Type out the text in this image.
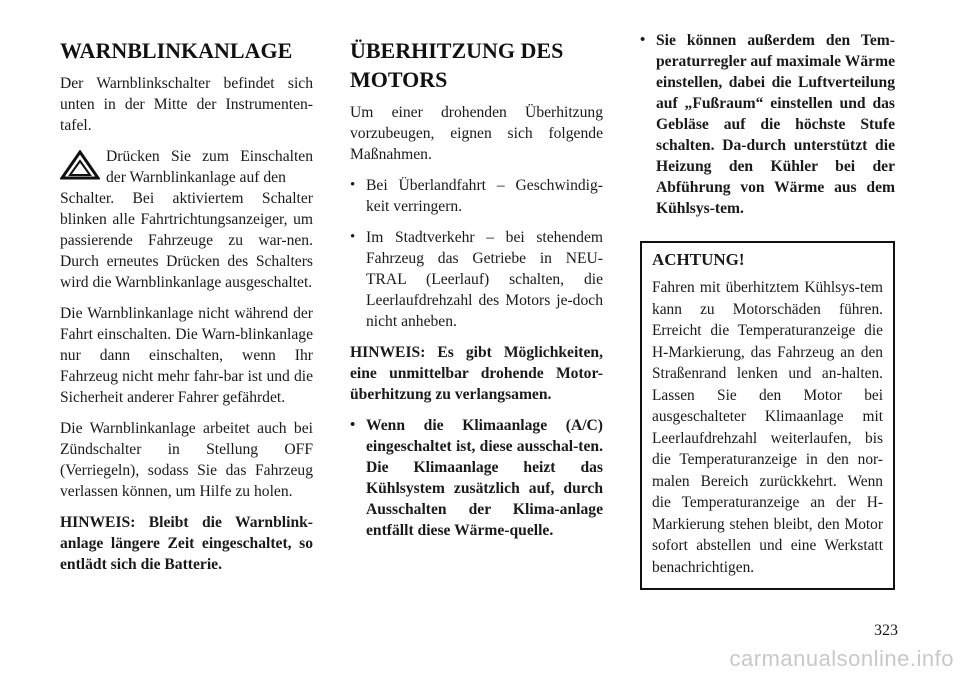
WARNBLINKANLAGE

Der Warnblinkschalter befindet sich unten in der Mitte der Instrumenten-tafel.

Drücken Sie zum Einschalten der Warnblinkanlage auf den

Schalter. Bei aktiviertem Schalter blinken alle Fahrtrichtungsanzeiger, um passierende Fahrzeuge zu war-nen. Durch erneutes Drücken des Schalters wird die Warnblinkanlage ausgeschaltet.

Die Warnblinkanlage nicht während der Fahrt einschalten. Die Warn-blinkanlage nur dann einschalten, wenn Ihr Fahrzeug nicht mehr fahr-bar ist und die Sicherheit anderer Fahrer gefährdet.

Die Warnblinkanlage arbeitet auch bei Zündschalter in Stellung OFF (Verriegeln), sodass Sie das Fahrzeug verlassen können, um Hilfe zu holen.

HINWEIS: Bleibt die Warnblink-anlage längere Zeit eingeschaltet, so entlädt sich die Batterie.

ÜBERHITZUNG DES MOTORS

Um einer drohenden Überhitzung vorzubeugen, eignen sich folgende Maßnahmen.

• Bei Überlandfahrt – Geschwindig-keit verringern.
• Im Stadtverkehr – bei stehendem Fahrzeug das Getriebe in NEU-TRAL (Leerlauf) schalten, die Leerlaufdrehzahl des Motors je-doch nicht anheben.

HINWEIS: Es gibt Möglichkeiten, eine unmittelbar drohende Motor-überhitzung zu verlangsamen.

• Wenn die Klimaanlage (A/C) eingeschaltet ist, diese ausschal-ten. Die Klimaanlage heizt das Kühlsystem zusätzlich auf, durch Ausschalten der Klima-anlage entfällt diese Wärme-quelle.
• Sie können außerdem den Tem-peraturregler auf maximale Wärme einstellen, dabei die Luftverteilung auf „Fußraum“ einstellen und das Gebläse auf die höchste Stufe schalten. Da-durch unterstützt die Heizung den Kühler bei der Abführung von Wärme aus dem Kühlsys-tem.
ACHTUNG!

Fahren mit überhitztem Kühlsys-tem kann zu Motorschäden führen. Erreicht die Temperaturanzeige die H-Markierung, das Fahrzeug an den Straßenrand lenken und an-halten. Lassen Sie den Motor bei ausgeschalteter Klimaanlage mit Leerlaufdrehzahl weiterlaufen, bis die Temperaturanzeige in den nor-malen Bereich zurückkehrt. Wenn die Temperaturanzeige an der H-Markierung stehen bleibt, den Motor sofort abstellen und eine Werkstatt benachrichtigen.

323
carmanualsonline.info
